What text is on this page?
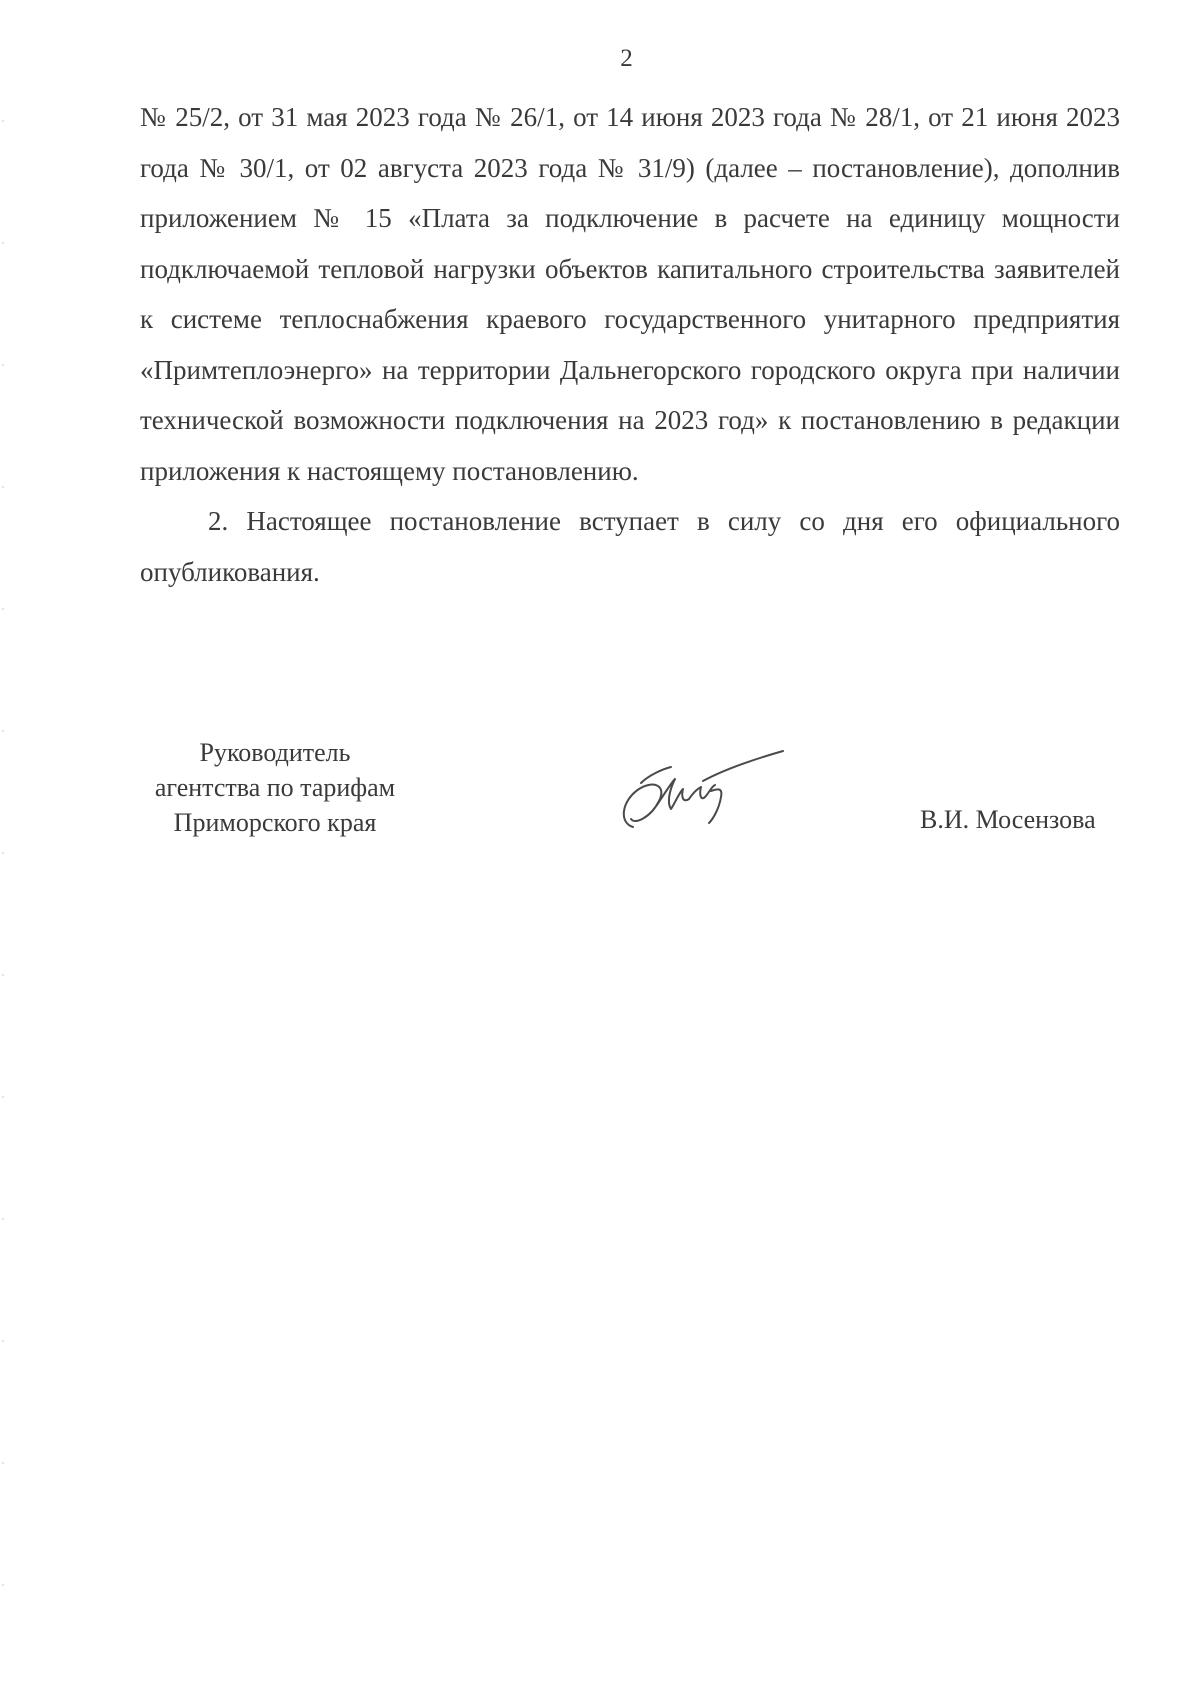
2

№ 25/2, от 31 мая 2023 года № 26/1, от 14 июня 2023 года № 28/1, от 21 июня 2023 года № 30/1, от 02 августа 2023 года № 31/9) (далее – постановление), дополнив приложением № 15 «Плата за подключение в расчете на единицу мощности подключаемой тепловой нагрузки объектов капитального строительства заявителей к системе теплоснабжения краевого государственного унитарного предприятия «Примтеплоэнерго» на территории Дальнегорского городского округа при наличии технической возможности подключения на 2023 год» к постановлению в редакции приложения к настоящему постановлению.

2. Настоящее постановление вступает в силу со дня его официального опубликования.

Руководитель
агентства по тарифам
Приморского края	В.И. Мосензова
